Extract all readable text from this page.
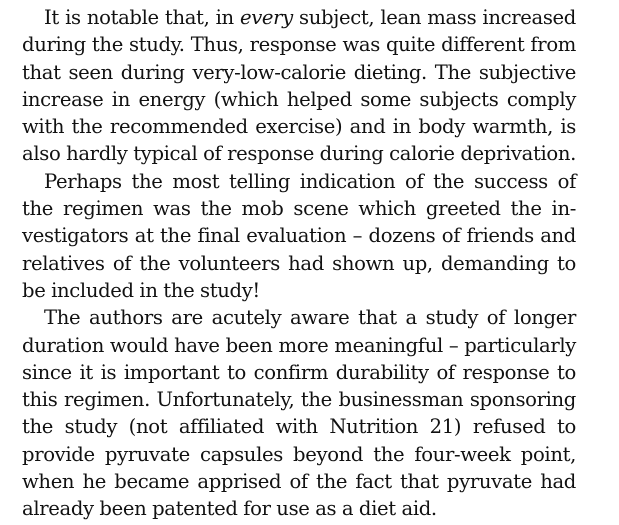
It is notable that, in every subject, lean mass increased
during the study. Thus, response was quite different from
that seen during very-low-calorie dieting. The subjective
increase in energy (which helped some subjects comply
with the recommended exercise) and in body warmth, is
also hardly typical of response during calorie deprivation.
Perhaps the most telling indication of the success of
the regimen was the mob scene which greeted the in-
vestigators at the final evaluation – dozens of friends and
relatives of the volunteers had shown up, demanding to
be included in the study!
The authors are acutely aware that a study of longer
duration would have been more meaningful – particularly
since it is important to confirm durability of response to
this regimen. Unfortunately, the businessman sponsoring
the study (not affiliated with Nutrition 21) refused to
provide pyruvate capsules beyond the four-week point,
when he became apprised of the fact that pyruvate had
already been patented for use as a diet aid.
